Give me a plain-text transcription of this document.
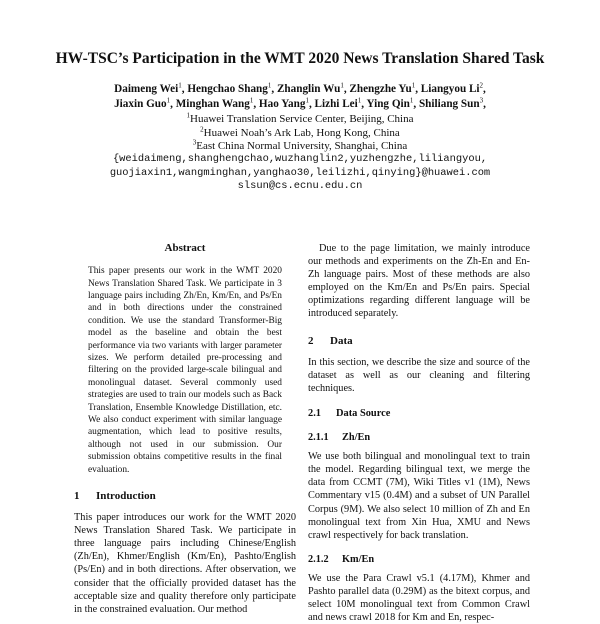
HW-TSC’s Participation in the WMT 2020 News Translation Shared Task
Daimeng Wei$^1$, Hengchao Shang$^1$, Zhanglin Wu$^1$, Zhengzhe Yu$^1$, Liangyou Li$^2$,
Jiaxin Guo$^1$, Minghan Wang$^1$, Hao Yang$^1$, Lizhi Lei$^1$, Ying Qin$^1$, Shiliang Sun$^3$,
$^1$Huawei Translation Service Center, Beijing, China
$^2$Huawei Noah’s Ark Lab, Hong Kong, China
$^3$East China Normal University, Shanghai, China
{weidaimeng,shanghengchao,wuzhanglin2,yuzhengzhe,liliangyou,
guojiaxin1,wangminghan,yanghao30,leilizhi,qinying}@huawei.com
slsun@cs.ecnu.edu.cn
Abstract

This paper presents our work in the WMT 2020 News Translation Shared Task. We participate in 3 language pairs including Zh/En, Km/En, and Ps/En and in both directions under the constrained condition. We use the standard Transformer-Big model as the baseline and obtain the best performance via two variants with larger parameter sizes. We perform detailed pre-processing and filtering on the provided large-scale bilingual and monolingual dataset. Several commonly used strategies are used to train our models such as Back Translation, Ensemble Knowledge Distillation, etc. We also conduct experiment with similar language augmentation, which lead to positive results, although not used in our submission. Our submission obtains competitive results in the final evaluation.

1 Introduction

This paper introduces our work for the WMT 2020 News Translation Shared Task. We participate in three language pairs including Chinese/English (Zh/En), Khmer/English (Km/En), Pashto/English (Ps/En) and in both directions. After observation, we consider that the officially provided dataset has the acceptable size and quality therefore only participate in the constrained evaluation. Our method

Due to the page limitation, we mainly introduce our methods and experiments on the Zh-En and En-Zh language pairs. Most of these methods are also employed on the Km/En and Ps/En pairs. Special optimizations regarding different language will be introduced separately.

2 Data

In this section, we describe the size and source of the dataset as well as our cleaning and filtering techniques.

2.1 Data Source
2.1.1 Zh/En

We use both bilingual and monolingual text to train the model. Regarding bilingual text, we merge the data from CCMT (7M), Wiki Titles v1 (1M), News Commentary v15 (0.4M) and a subset of UN Parallel Corpus (9M). We also select 10 million of Zh and En monolingual text from Xin Hua, XMU and News crawl respectively for back translation.

2.1.2 Km/En

We use the Para Crawl v5.1 (4.17M), Khmer and Pashto parallel data (0.29M) as the bitext corpus, and select 10M monolingual text from Common Crawl and news crawl 2018 for Km and En, respec-
